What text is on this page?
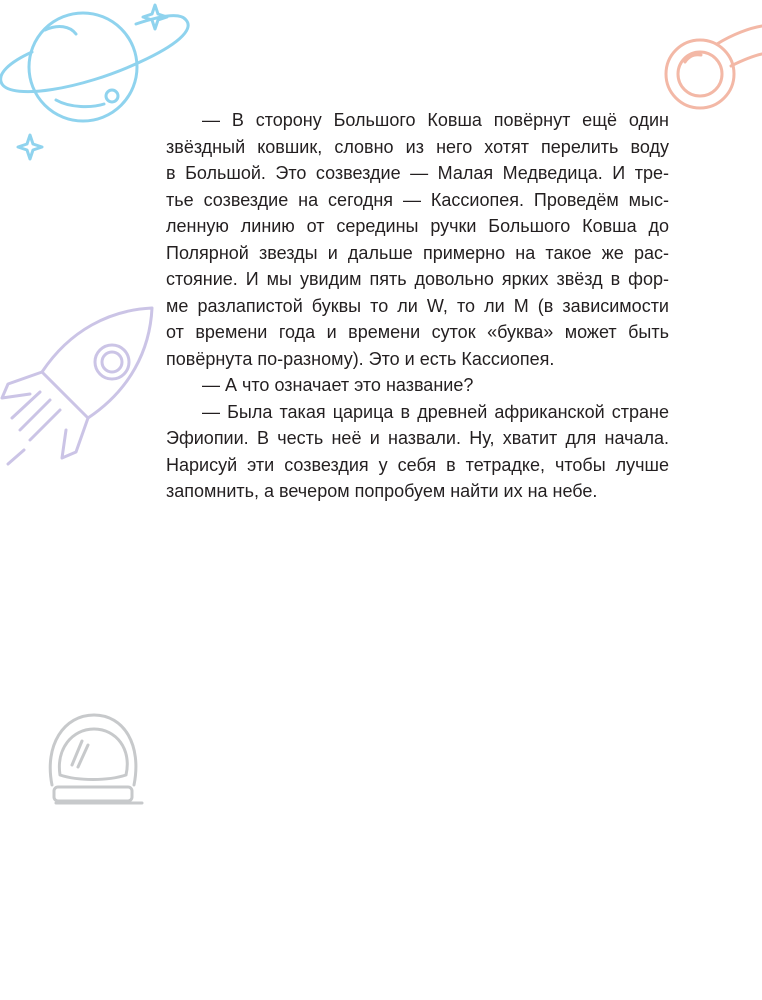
— В сторону Большого Ковша повёрнут ещё один
звёздный ковшик, словно из него хотят перелить воду
в Большой. Это созвездие — Малая Медведица. И тре-
тье созвездие на сегодня — Кассиопея. Проведём мыс-
ленную линию от середины ручки Большого Ковша до
Полярной звезды и дальше примерно на такое же рас-
стояние. И мы увидим пять довольно ярких звёзд в фор-
ме разлапистой буквы то ли W, то ли M (в зависимости
от времени года и времени суток «буква» может быть
повёрнута по-разному). Это и есть Кассиопея.
— А что означает это название?
— Была такая царица в древней африканской стране
Эфиопии. В честь неё и назвали. Ну, хватит для начала.
Нарисуй эти созвездия у себя в тетрадке, чтобы лучше
запомнить, а вечером попробуем найти их на небе.
